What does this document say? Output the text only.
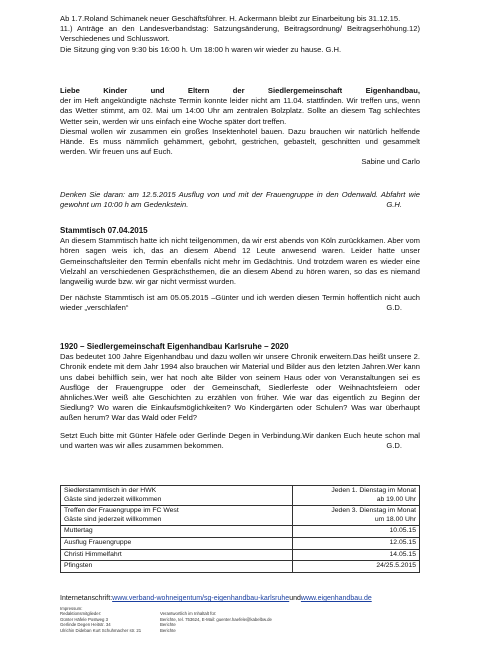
Ab 1.7.Roland Schimanek neuer Geschäftsführer. H. Ackermann bleibt zur Einarbeitung bis 31.12.15.

11.) Anträge an den Landesverbandstag: Satzungsänderung, Beitragsordnung/ Beitragserhöhung.12) Verschiedenes und Schlusswort.

Die Sitzung ging von 9:30 bis 16:00 h. Um 18:00 h waren wir wieder zu hause. G.H.

Liebe Kinder und Eltern der Siedlergemeinschaft Eigenhandbau,

der im Heft angekündigte nächste Termin konnte leider nicht am 11.04. stattfinden. Wir treffen uns, wenn das Wetter stimmt, am 02. Mai um 14:00 Uhr am zentralen Bolzplatz. Sollte an diesem Tag schlechtes Wetter sein, werden wir uns einfach eine Woche später dort treffen.

Diesmal wollen wir zusammen ein großes Insektenhotel bauen. Dazu brauchen wir natürlich helfende Hände. Es muss nämmlich gehämmert, gebohrt, gestrichen, gebastelt, geschnitten und gesammelt werden. Wir freuen uns auf Euch.

Sabine und Carlo

Denken Sie daran: am 12.5.2015 Ausflug von und mit der Frauengruppe in den Odenwald. Abfahrt wie gewohnt um 10:00 h am Gedenkstein.	G.H.

Stammtisch 07.04.2015

An diesem Stammtisch hatte ich nicht teilgenommen, da wir erst abends von Köln zurückkamen. Aber vom hören sagen weis ich, das an diesem Abend 12 Leute anwesend waren. Leider hatte unser Gemeinschaftsleiter den Termin ebenfalls nicht mehr im Gedächtnis. Und trotzdem waren es wieder eine Vielzahl an verschiedenen Gesprächsthemen, die an diesem Abend zu hören waren, so das es niemand langweilig wurde bzw. wir gar nicht vermisst wurden.

Der nächste Stammtisch ist am 05.05.2015 –Günter und ich werden diesen Termin hoffentlich nicht auch wieder „verschlafen“	G.D.

1920 – Siedlergemeinschaft Eigenhandbau Karlsruhe – 2020

Das bedeutet 100 Jahre Eigenhandbau und dazu wollen wir unsere Chronik erweitern.Das heißt unsere 2. Chronik endete mit dem Jahr 1994 also brauchen wir Material und Bilder aus den letzten Jahren.Wer kann uns dabei behilflich sein, wer hat noch alte Bilder von seinem Haus oder von Veranstaltungen sei es Ausflüge der Frauengruppe oder der Gemeinschaft, Siedlerfeste oder Weihnachtsfeiern oder ähnliches.Wer weiß alte Geschichten zu erzählen von früher. Wie war das eigentlich zu Beginn der Siedlung? Wo waren die Einkaufsmöglichkeiten? Wo Kindergärten oder Schulen? Was war überhaupt außen herum? War das Wald oder Feld?

Setzt Euch bitte mit Günter Häfele oder Gerlinde Degen in Verbindung.Wir danken Euch heute schon mal und warten was wir alles zusammen bekommen.	G.D.

Siedlerstammtisch in der HWK
Gäste sind jederzeit willkommen	Jeden 1. Dienstag im Monat
ab 19.00 Uhr
Treffen der Frauengruppe im FC West
Gäste sind jederzeit willkommen	Jeden 3. Dienstag im Monat
um 18.00 Uhr
Muttertag	10.05.15
Ausflug Frauengruppe	12.05.15
Christi Himmelfahrt	14.05.15
Pfingsten	24/25.5.2015
Internetanschrift:www.verband-wohneigentum/sg-eigenhandbau-karlsruheundwww.eigenhandbau.de
Impressum:
Redaktionsmitglieder:
Günter Häfele Postweg 3
Gerlinde Degen Heitstr. 34
Ulrichin Dideban Kurt Schuhmacher str. 21

Verantwortlich im Inhaltalt für:
Berichte, tel. 753624, E-Mail: guenter.haefele@kabelbw.de
Berichte
Berichte
